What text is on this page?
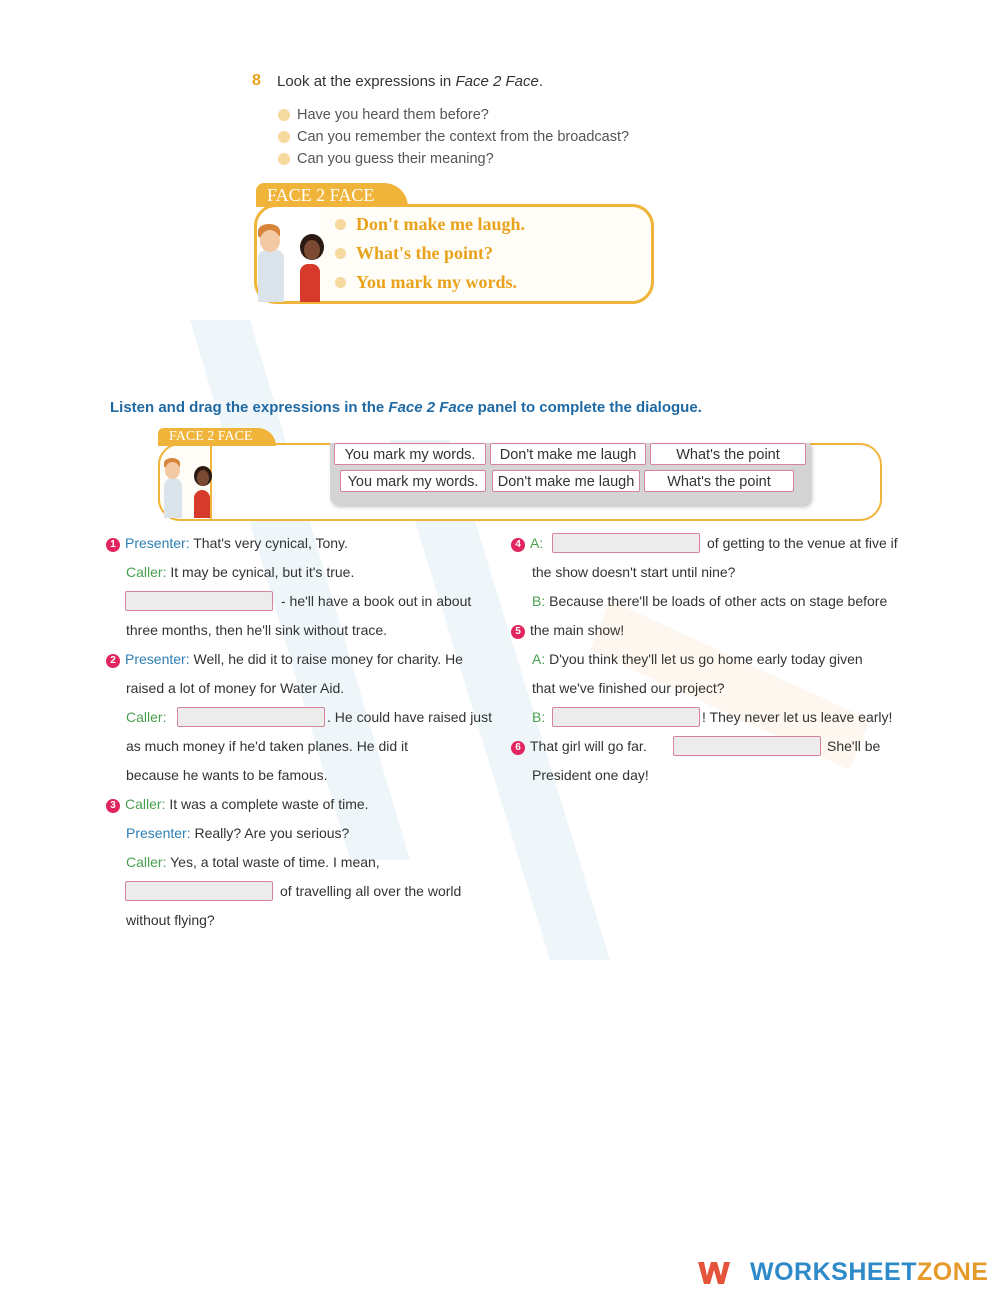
8 Look at the expressions in Face 2 Face.
Have you heard them before?
Can you remember the context from the broadcast?
Can you guess their meaning?
FACE 2 FACE
Don't make me laugh.
What's the point?
You mark my words.
Listen and drag the expressions in the Face 2 Face panel to complete the dialogue.
FACE 2 FACE
You mark my words.	Don't make me laugh	What's the point
You mark my words.	Don't make me laugh	What's the point
1 Presenter: That's very cynical, Tony.
Caller: It may be cynical, but it's true.
- he'll have a book out in about
three months, then he'll sink without trace.
2 Presenter: Well, he did it to raise money for charity. He
raised a lot of money for Water Aid.
Caller:	. He could have raised just
as much money if he'd taken planes. He did it
because he wants to be famous.
3 Caller: It was a complete waste of time.
Presenter: Really? Are you serious?
Caller: Yes, a total waste of time. I mean,
of travelling all over the world
without flying?
4 A:	of getting to the venue at five if
the show doesn't start until nine?
B: Because there'll be loads of other acts on stage before
5 the main show!
A: D'you think they'll let us go home early today given
that we've finished our project?
B:	! They never let us leave early!
6 That girl will go far.	She'll be
President one day!
WORKSHEETZONE
